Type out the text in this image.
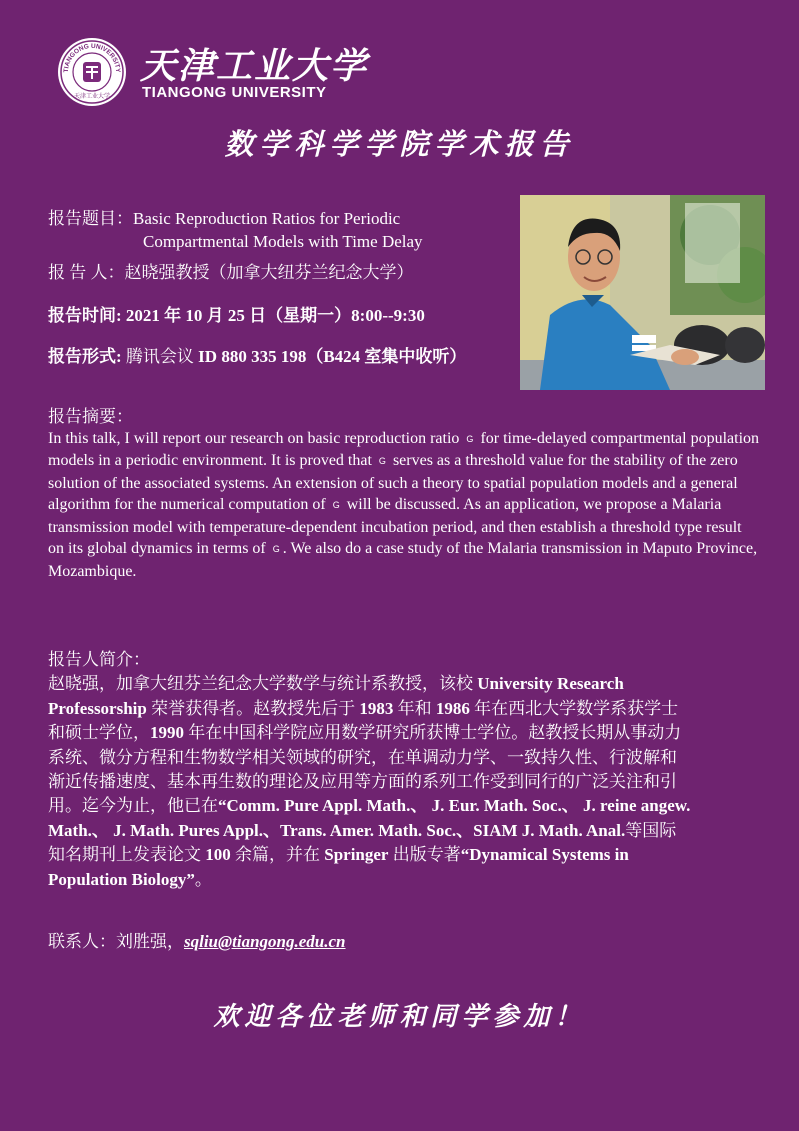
TIANGONG UNIVERSITY
天津工业大学
天津工业大学
TIANGONG UNIVERSITY
数学科学学院学术报告
报告题目：Basic Reproduction Ratios for Periodic
Compartmental Models with Time Delay
报 告 人：赵晓强教授（加拿大纽芬兰纪念大学）
报告时间: 2021 年 10 月 25 日（星期一）8:00--9:30
报告形式: 腾讯会议 ID 880 335 198（B424 室集中收听）
报告摘要：
In this talk, I will report our research on basic reproduction ratio G for time-delayed compartmental population models in a periodic environment. It is proved that G serves as a threshold value for the stability of the zero solution of the associated systems. An extension of such a theory to spatial population models and a general algorithm for the numerical computation of G will be discussed. As an application, we propose a Malaria transmission model with temperature-dependent incubation period, and then establish a threshold type result on its global dynamics in terms of G . We also do a case study of the Malaria transmission in Maputo Province, Mozambique.
报告人简介：
赵晓强，加拿大纽芬兰纪念大学数学与统计系教授，该校 University Research
Professorship 荣誉获得者。赵教授先后于 1983 年和 1986 年在西北大学数学系获学士
和硕士学位，1990 年在中国科学院应用数学研究所获博士学位。赵教授长期从事动力
系统、微分方程和生物数学相关领域的研究，在单调动力学、一致持久性、行波解和
渐近传播速度、基本再生数的理论及应用等方面的系列工作受到同行的广泛关注和引
用。迄今为止，他已在“Comm. Pure Appl. Math.、 J. Eur. Math. Soc.、 J. reine angew.
Math.、 J. Math. Pures Appl.、Trans. Amer. Math. Soc.、SIAM J. Math. Anal.等国际
知名期刊上发表论文 100 余篇，并在 Springer 出版专著“Dynamical Systems in
Population Biology”。
联系人：刘胜强，sqliu@tiangong.edu.cn
欢迎各位老师和同学参加！
